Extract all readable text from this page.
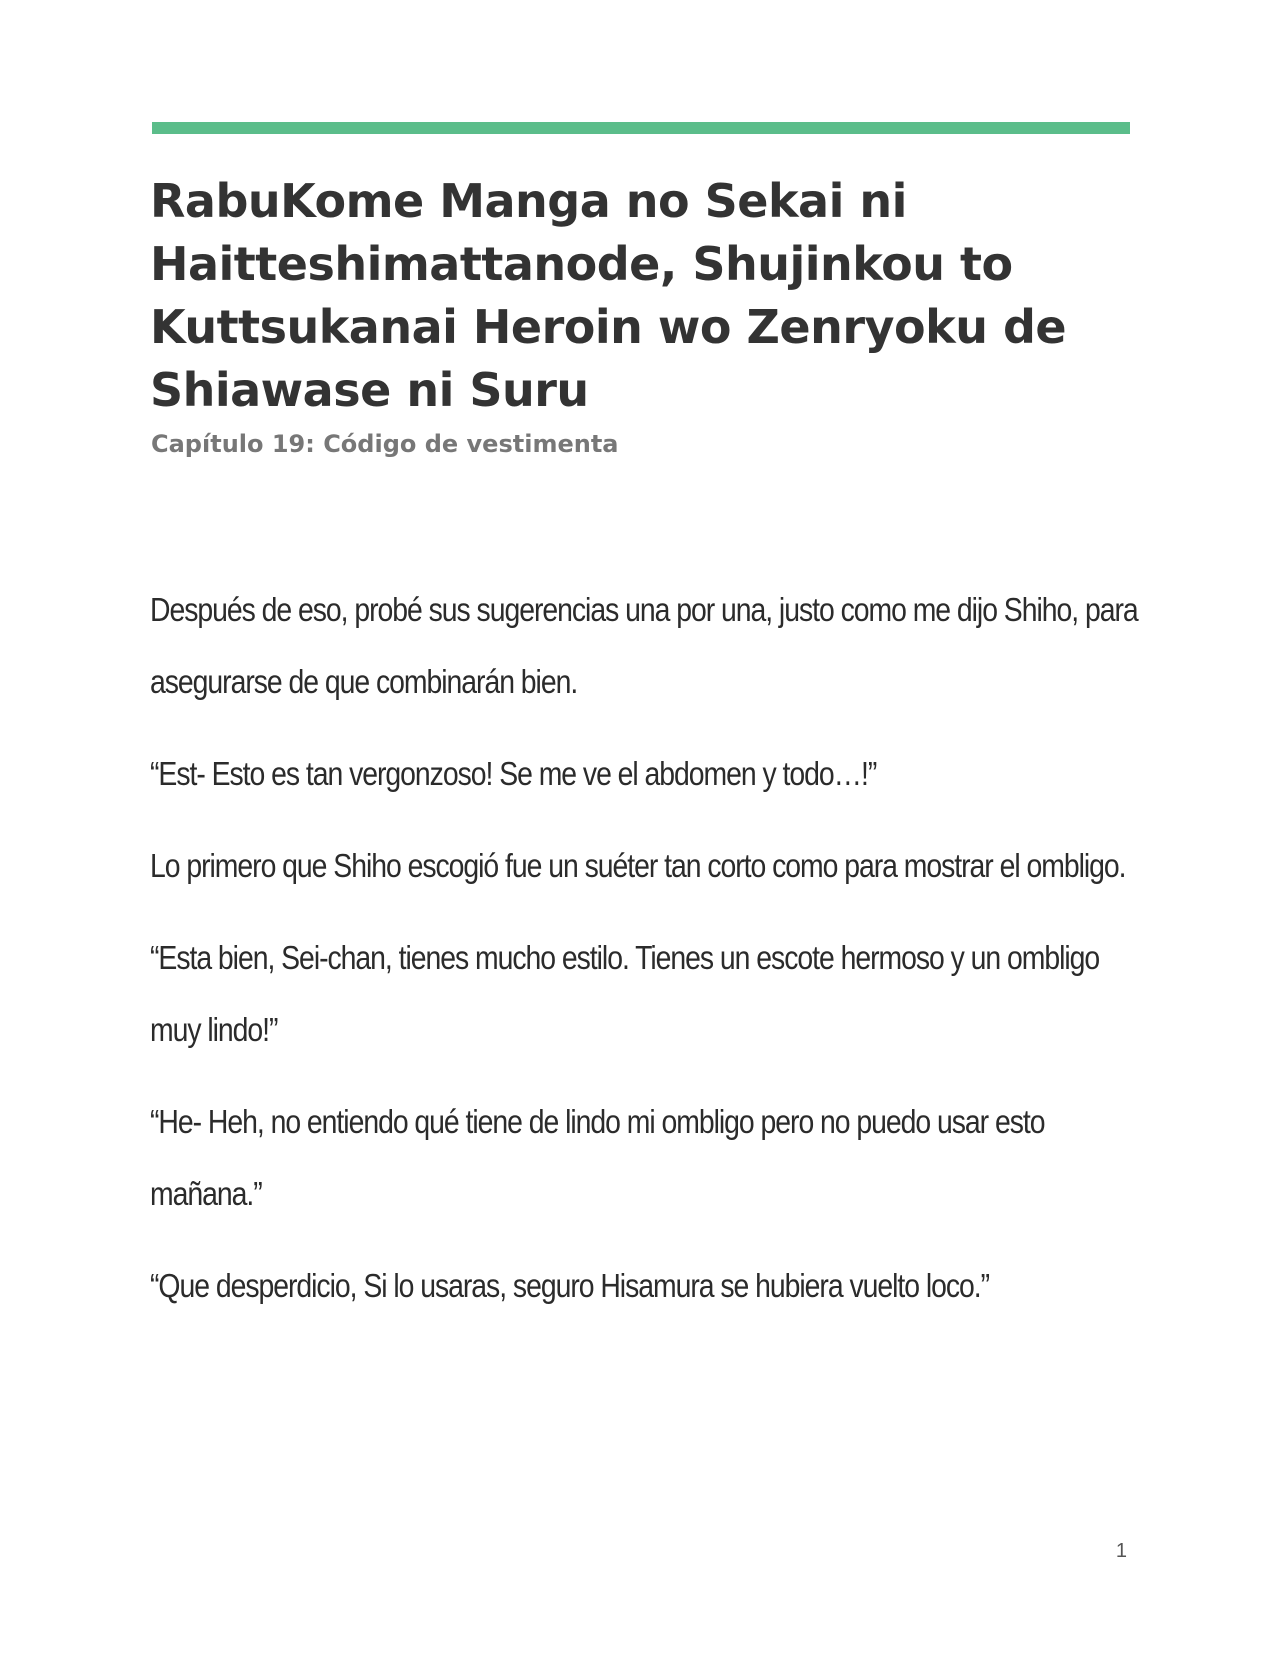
RabuKome Manga no Sekai ni
Haitteshimattanode, Shujinkou to
Kuttsukanai Heroin wo Zenryoku de
Shiawase ni Suru
Capítulo 19: Código de vestimenta

Después de eso, probé sus sugerencias una por una, justo como me dijo Shiho, para asegurarse de que combinarán bien.

“Est- Esto es tan vergonzoso! Se me ve el abdomen y todo…!”

Lo primero que Shiho escogió fue un suéter tan corto como para mostrar el ombligo.

“Esta bien, Sei-chan, tienes mucho estilo. Tienes un escote hermoso y un ombligo muy lindo!”

“He- Heh, no entiendo qué tiene de lindo mi ombligo pero no puedo usar esto mañana.”

“Que desperdicio, Si lo usaras, seguro Hisamura se hubiera vuelto loco.”

1
